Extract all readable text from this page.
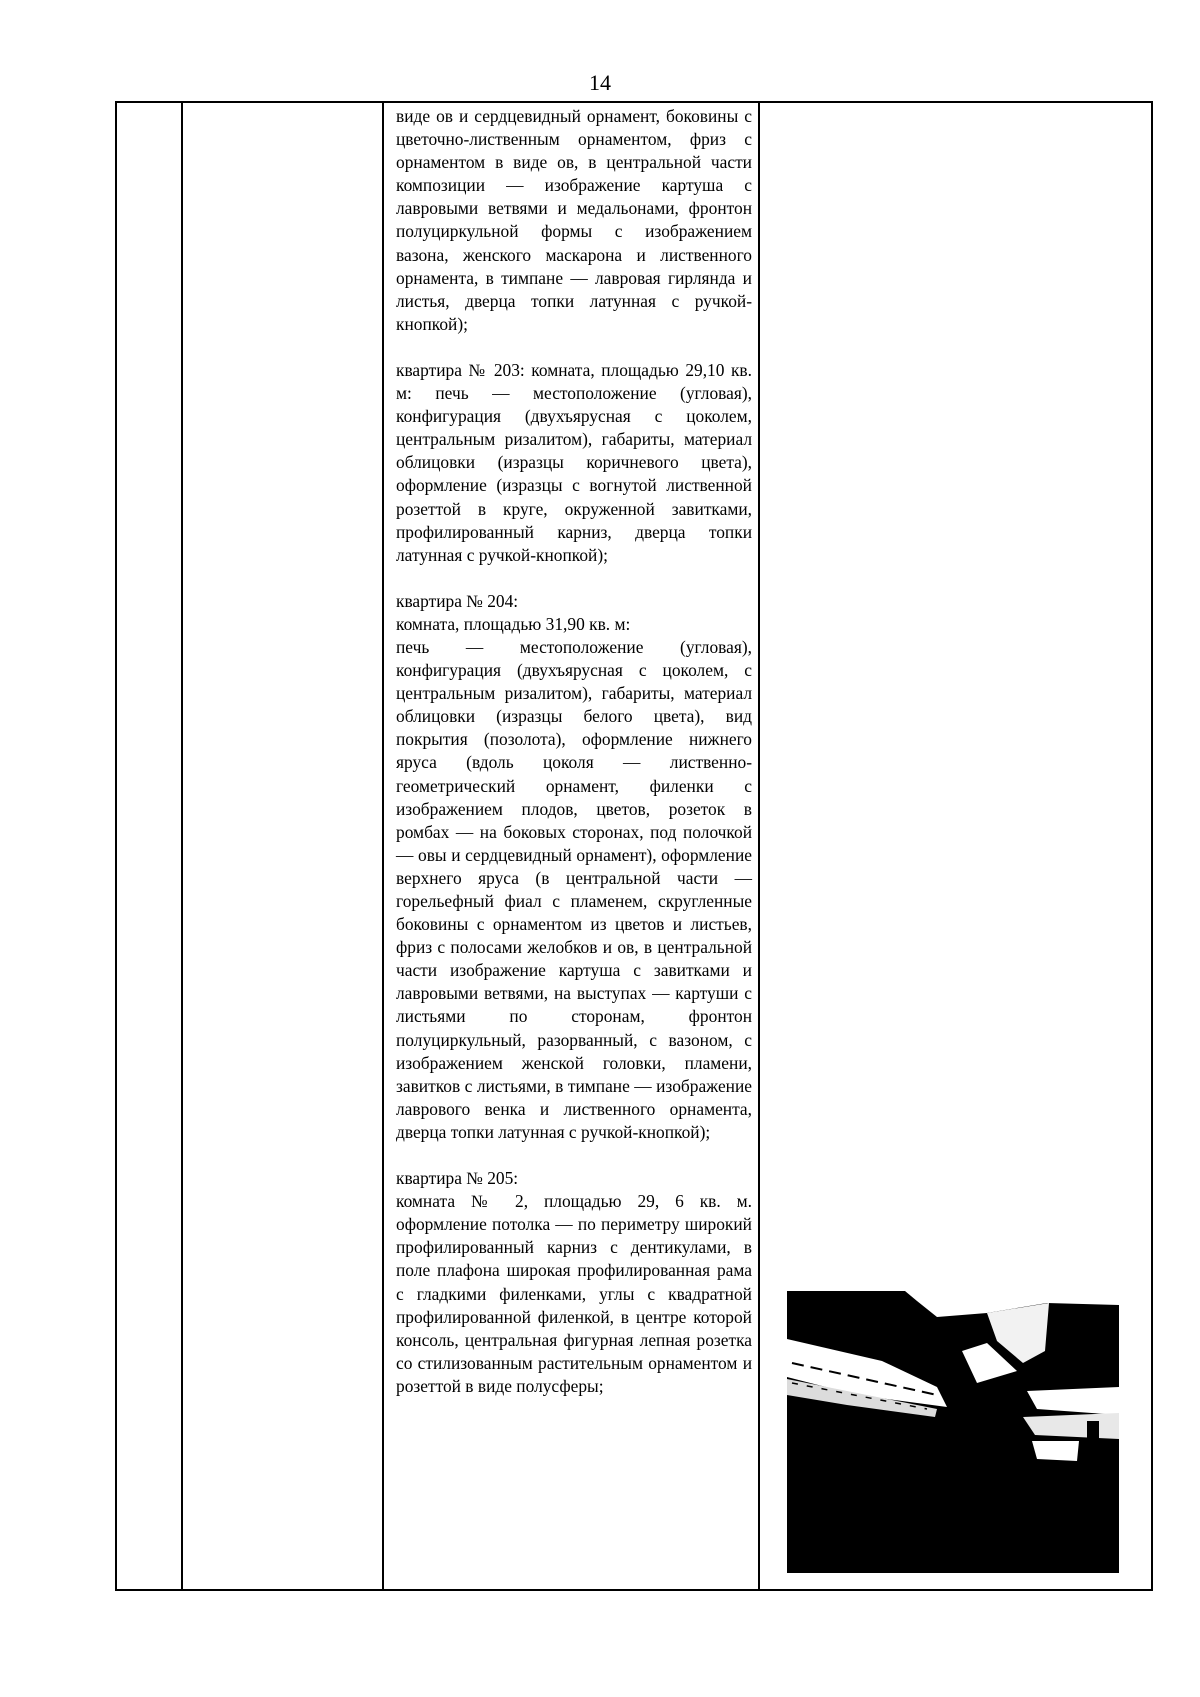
14

виде ов и сердцевидный орнамент, боковины с цветочно-лиственным орнаментом, фриз с орнаментом в виде ов, в центральной части композиции — изображение картуша с лавровыми ветвями и медальонами, фронтон полуциркульной формы с изображением вазона, женского маскарона и лиственного орнамента, в тимпане — лавровая гирлянда и листья, дверца топки латунная с ручкой-кнопкой);

квартира № 203: комната, площадью 29,10 кв. м: печь — местоположение (угловая), конфигурация (двухъярусная с цоколем, центральным ризалитом), габариты, материал облицовки (изразцы коричневого цвета), оформление (изразцы с вогнутой лиственной розеттой в круге, окруженной завитками, профилированный карниз, дверца топки латунная с ручкой-кнопкой);

квартира № 204:

комната, площадью 31,90 кв. м:

печь — местоположение (угловая), конфигурация (двухъярусная с цоколем, с центральным ризалитом), габариты, материал облицовки (изразцы белого цвета), вид покрытия (позолота), оформление нижнего яруса (вдоль цоколя — лиственно-геометрический орнамент, филенки с изображением плодов, цветов, розеток в ромбах — на боковых сторонах, под полочкой — овы и сердцевидный орнамент), оформление верхнего яруса (в центральной части — горельефный фиал с пламенем, скругленные боковины с орнаментом из цветов и листьев, фриз с полосами желобков и ов, в центральной части изображение картуша с завитками и лавровыми ветвями, на выступах — картуши с листьями по сторонам, фронтон полуциркульный, разорванный, с вазоном, с изображением женской головки, пламени, завитков с листьями, в тимпане — изображение лаврового венка и лиственного орнамента, дверца топки латунная с ручкой-кнопкой);

квартира № 205:

комната № 2, площадью 29, 6 кв. м. оформление потолка — по периметру широкий профилированный карниз с дентикулами, в поле плафона широкая профилированная рама с гладкими филенками, углы с квадратной профилированной филенкой, в центре которой консоль, центральная фигурная лепная розетка со стилизованным растительным орнаментом и розеттой в виде полусферы;
